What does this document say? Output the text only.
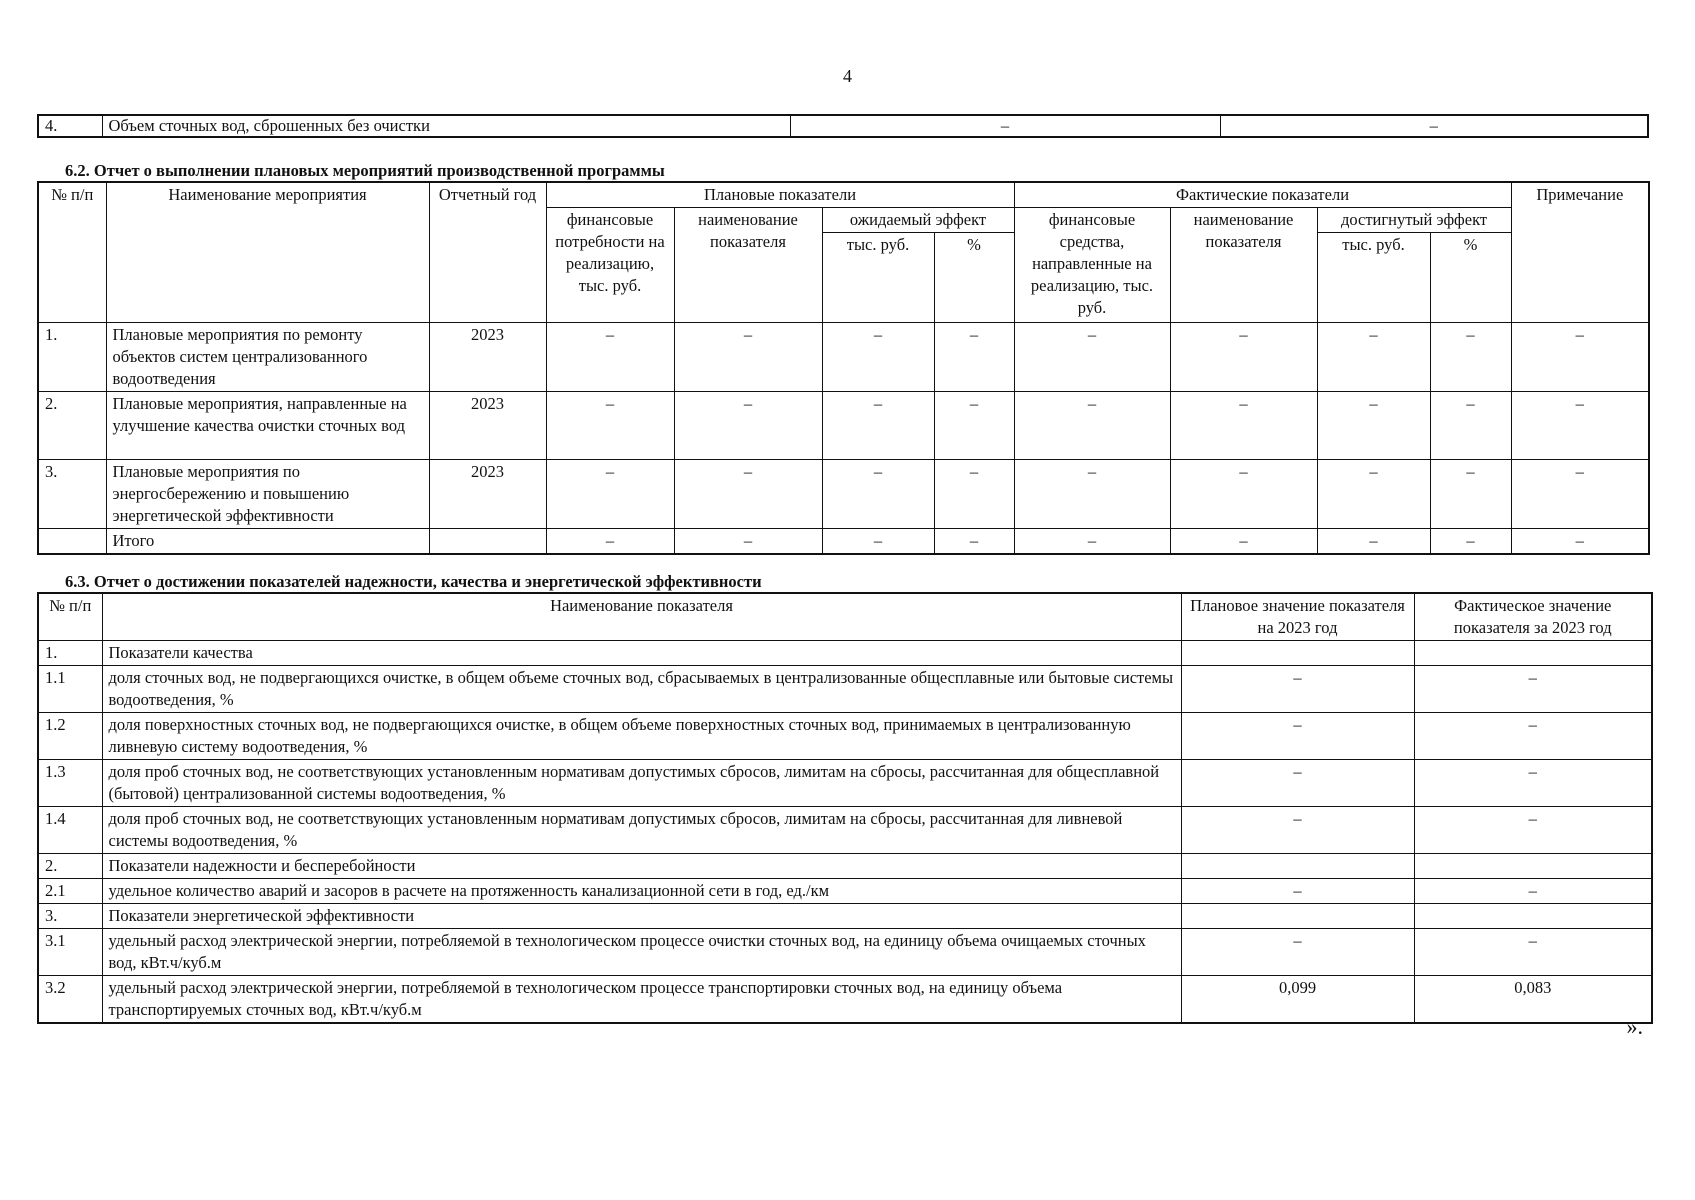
4
4.	Объем сточных вод, сброшенных без очистки	–	–
6.2. Отчет о выполнении плановых мероприятий производственной программы
№ п/п	Наименование мероприятия	Отчетный год	Плановые показатели				Фактические показатели				Примечание
			финансовые потребности на реализацию, тыс. руб.	наименование показателя	ожидаемый эффект		финансовые средства, направленные на реализацию, тыс. руб.	наименование показателя	достигнутый эффект		
					тыс. руб.	%			тыс. руб.	%	
1.	Плановые мероприятия по ремонту объектов систем централизованного водоотведения	2023	–	–	–	–	–	–	–	–	–
2.	Плановые мероприятия, направленные на улучшение качества очистки сточных вод	2023	–	–	–	–	–	–	–	–	–
3.	Плановые мероприятия по энергосбережению и повышению энергетической эффективности	2023	–	–	–	–	–	–	–	–	–
	Итого		–	–	–	–	–	–	–	–	–
6.3. Отчет о достижении показателей надежности, качества и энергетической эффективности
№ п/п	Наименование показателя	Плановое значение показателя на 2023 год	Фактическое значение показателя за 2023 год
1.	Показатели качества		
1.1	доля сточных вод, не подвергающихся очистке, в общем объеме сточных вод, сбрасываемых в централизованные общесплавные или бытовые системы водоотведения, %	–	–
1.2	доля поверхностных сточных вод, не подвергающихся очистке, в общем объеме поверхностных сточных вод, принимаемых в централизованную ливневую систему водоотведения, %	–	–
1.3	доля проб сточных вод, не соответствующих установленным нормативам допустимых сбросов, лимитам на сбросы, рассчитанная для общесплавной (бытовой) централизованной системы водоотведения, %	–	–
1.4	доля проб сточных вод, не соответствующих установленным нормативам допустимых сбросов, лимитам на сбросы, рассчитанная для ливневой системы водоотведения, %	–	–
2.	Показатели надежности и бесперебойности		
2.1	удельное количество аварий и засоров в расчете на протяженность канализационной сети в год, ед./км	–	–
3.	Показатели энергетической эффективности		
3.1	удельный расход электрической энергии, потребляемой в технологическом процессе очистки сточных вод, на единицу объема очищаемых сточных вод, кВт.ч/куб.м	–	–
3.2	удельный расход электрической энергии, потребляемой в технологическом процессе транспортировки сточных вод, на единицу объема транспортируемых сточных вод, кВт.ч/куб.м	0,099	0,083
».
